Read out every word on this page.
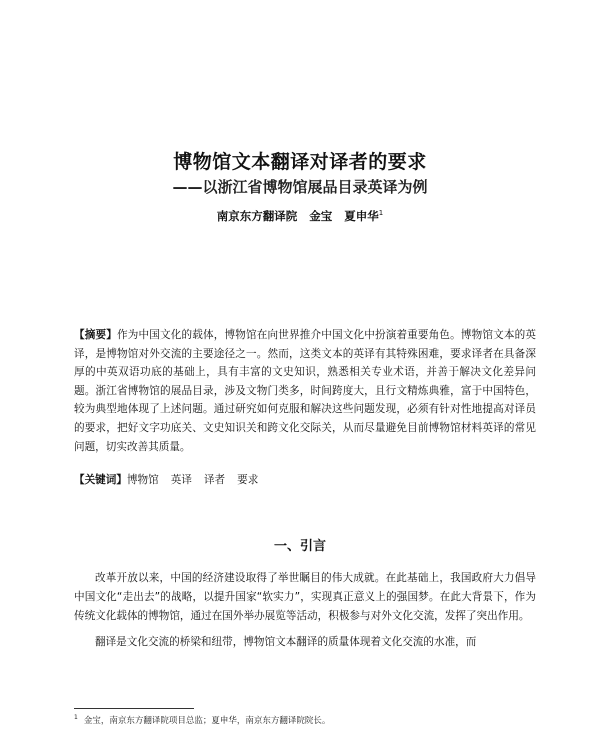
博物馆文本翻译对译者的要求
——以浙江省博物馆展品目录英译为例
南京东方翻译院 金宝 夏申华$^1$

【摘要】作为中国文化的载体，博物馆在向世界推介中国文化中扮演着重要角色。博物馆文本的英译，是博物馆对外交流的主要途径之一。然而，这类文本的英译有其特殊困难，要求译者在具备深厚的中英双语功底的基础上，具有丰富的文史知识，熟悉相关专业术语，并善于解决文化差异问题。浙江省博物馆的展品目录，涉及文物门类多，时间跨度大，且行文精炼典雅，富于中国特色，较为典型地体现了上述问题。通过研究如何克服和解决这些问题发现，必须有针对性地提高对译员的要求，把好文字功底关、文史知识关和跨文化交际关，从而尽量避免目前博物馆材料英译的常见问题，切实改善其质量。

【关键词】博物馆 英译 译者 要求
一、引言

改革开放以来，中国的经济建设取得了举世瞩目的伟大成就。在此基础上，我国政府大力倡导中国文化“走出去”的战略，以提升国家“软实力”，实现真正意义上的强国梦。在此大背景下，作为传统文化载体的博物馆，通过在国外举办展览等活动，积极参与对外文化交流，发挥了突出作用。

翻译是文化交流的桥梁和纽带，博物馆文本翻译的质量体现着文化交流的水准，而

$^1$ 金宝，南京东方翻译院项目总监；夏申华，南京东方翻译院院长。
